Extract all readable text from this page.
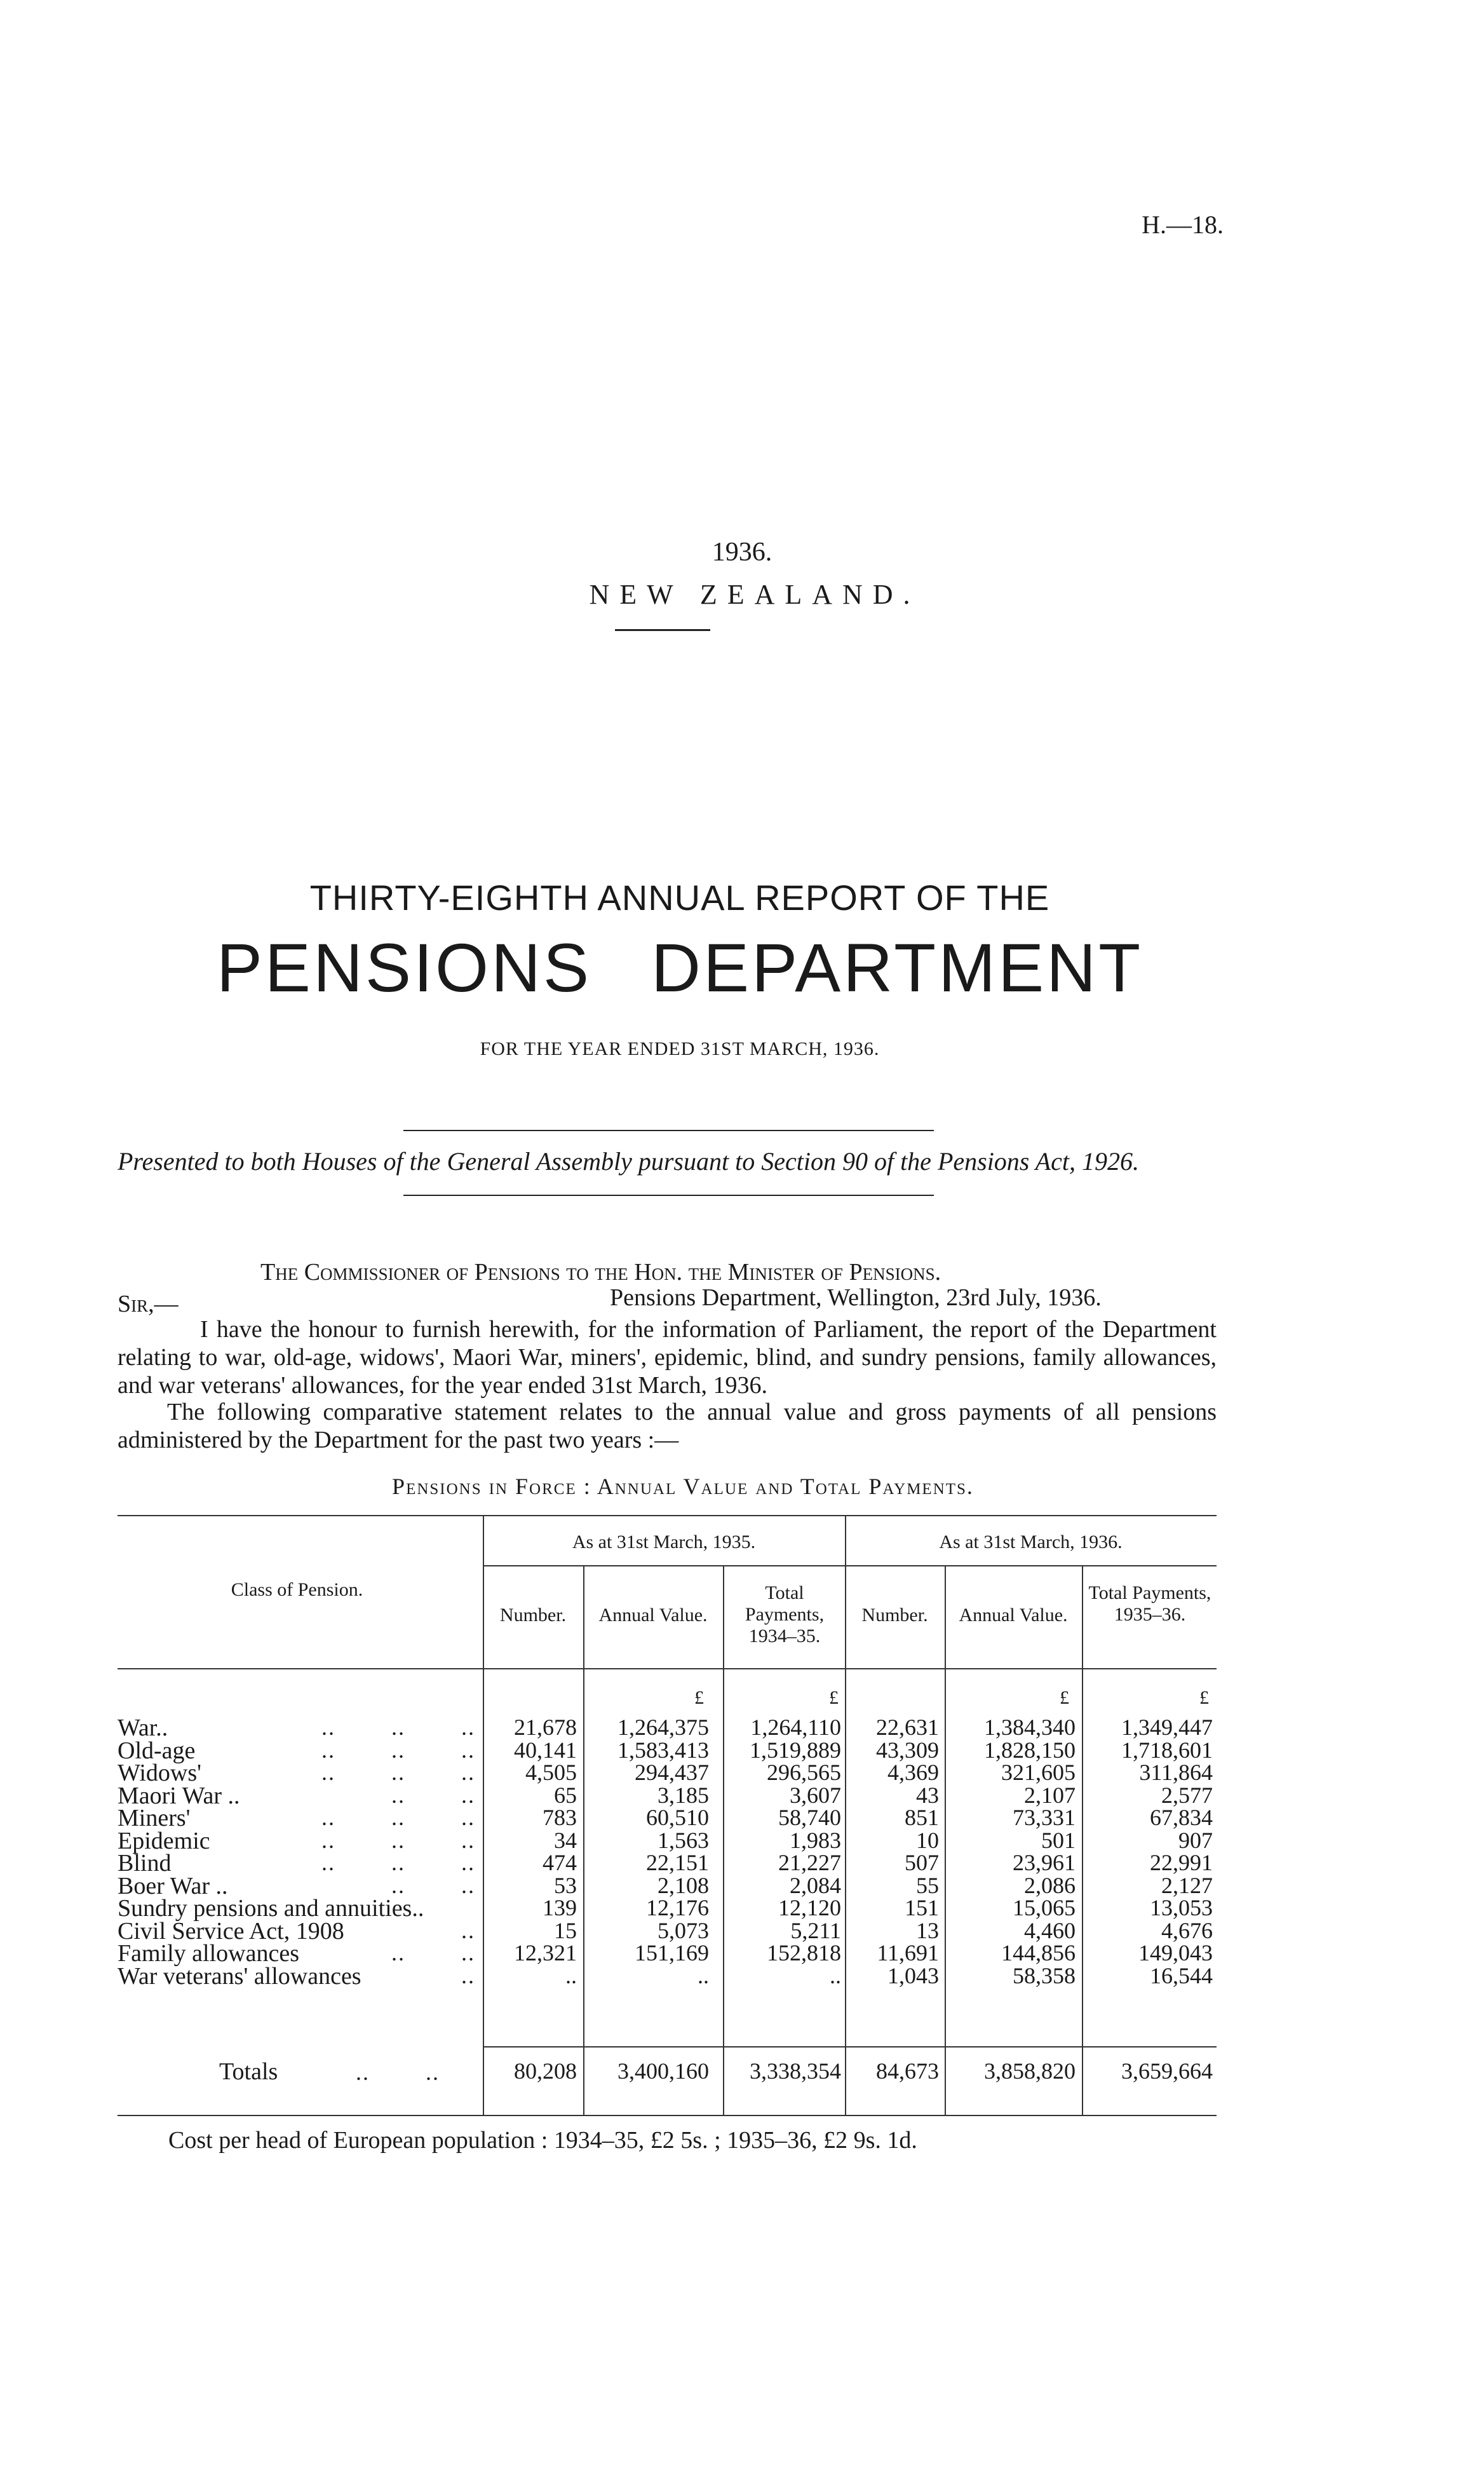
H.—18.
1936.
NEW ZEALAND.
THIRTY-EIGHTH ANNUAL REPORT OF THE
PENSIONS DEPARTMENT
FOR THE YEAR ENDED 31ST MARCH, 1936.
Presented to both Houses of the General Assembly pursuant to Section 90 of the Pensions Act, 1926.
The Commissioner of Pensions to the Hon. the Minister of Pensions.
Sir,—	Pensions Department, Wellington, 23rd July, 1936.
I have the honour to furnish herewith, for the information of Parliament, the report of the Department relating to war, old-age, widows', Maori War, miners', epidemic, blind, and sundry pensions, family allowances, and war veterans' allowances, for the year ended 31st March, 1936.
The following comparative statement relates to the annual value and gross payments of all pensions administered by the Department for the past two years :—
Pensions in Force : Annual Value and Total Payments.
Class of Pension.
As at 31st March, 1935.	As at 31st March, 1936.
Number.	Annual Value.
Total Payments, 1934–35.
Number.	Annual Value.
Total Payments, 1935–36.
£	£	£	£
War..	..        ..        ..	21,678	1,264,375	1,264,110	22,631	1,384,340	1,349,447
Old-age	..        ..        ..	40,141	1,583,413	1,519,889	43,309	1,828,150	1,718,601
Widows'	..        ..        ..	4,505	294,437	296,565	4,369	321,605	311,864
Maori War ..	..        ..	65	3,185	3,607	43	2,107	2,577
Miners'	..        ..        ..	783	60,510	58,740	851	73,331	67,834
Epidemic	..        ..        ..	34	1,563	1,983	10	501	907
Blind	..        ..        ..	474	22,151	21,227	507	23,961	22,991
Boer War ..	..        ..	53	2,108	2,084	55	2,086	2,127
Sundry pensions and annuities..	139	12,176	12,120	151	15,065	13,053
Civil Service Act, 1908	..	15	5,073	5,211	13	4,460	4,676
Family allowances	..        ..	12,321	151,169	152,818	11,691	144,856	149,043
War veterans' allowances	..	..	..	..	1,043	58,358	16,544
Totals	..        ..	80,208	3,400,160	3,338,354	84,673	3,858,820	3,659,664
Cost per head of European population : 1934–35, £2 5s. ; 1935–36, £2 9s. 1d.
